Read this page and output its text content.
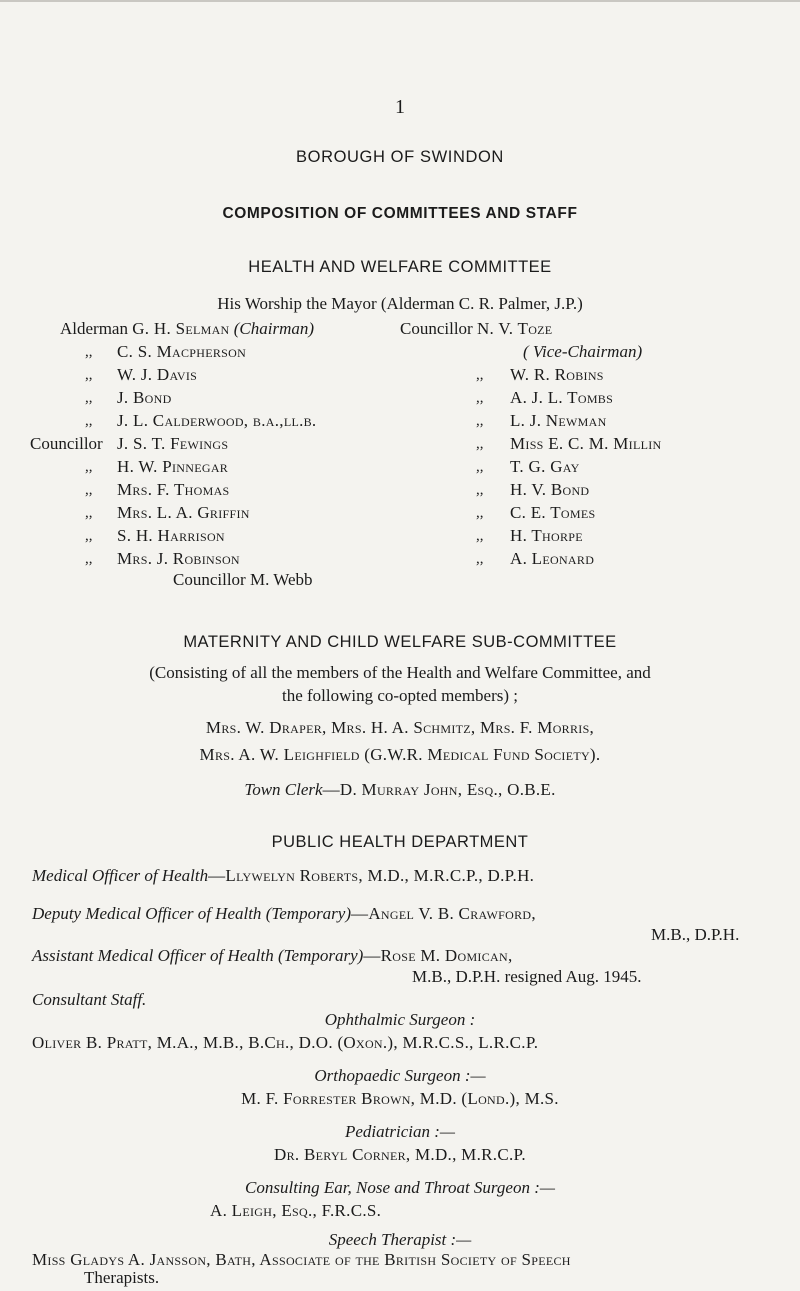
1
BOROUGH OF SWINDON
COMPOSITION OF COMMITTEES AND STAFF
HEALTH AND WELFARE COMMITTEE
His Worship the Mayor (Alderman C. R. Palmer, J.P.)
Alderman G. H. Selman (Chairman)
,, C. S. Macpherson
,, W. J. Davis
,, J. Bond
,, J. L. Calderwood, b.a.,ll.b.
Councillor J. S. T. Fewings
,, H. W. Pinnegar
,, Mrs. F. Thomas
,, Mrs. L. A. Griffin
,, S. H. Harrison
,, Mrs. J. Robinson
Councillor N. V. Toze
( Vice-Chairman)
,, W. R. Robins
,, A. J. L. Tombs
,, L. J. Newman
,, Miss E. C. M. Millin
,, T. G. Gay
,, H. V. Bond
,, C. E. Tomes
,, H. Thorpe
,, A. Leonard
Councillor M. Webb
MATERNITY AND CHILD WELFARE SUB-COMMITTEE
(Consisting of all the members of the Health and Welfare Committee, and
the following co-opted members) ;
Mrs. W. Draper, Mrs. H. A. Schmitz, Mrs. F. Morris,
Mrs. A. W. Leighfield (G.W.R. Medical Fund Society).
Town Clerk—D. Murray John, Esq., O.B.E.
PUBLIC HEALTH DEPARTMENT
Medical Officer of Health—Llywelyn Roberts, M.D., M.R.C.P., D.P.H.
Deputy Medical Officer of Health (Temporary)—Angel V. B. Crawford,
M.B., D.P.H.
Assistant Medical Officer of Health (Temporary)—Rose M. Domican,
M.B., D.P.H. resigned Aug. 1945.
Consultant Staff.
Ophthalmic Surgeon :
Oliver B. Pratt, M.A., M.B., B.Ch., D.O. (Oxon.), M.R.C.S., L.R.C.P.
Orthopaedic Surgeon :—
M. F. Forrester Brown, M.D. (Lond.), M.S.
Pediatrician :—
Dr. Beryl Corner, M.D., M.R.C.P.
Consulting Ear, Nose and Throat Surgeon :—
A. Leigh, Esq., F.R.C.S.
Speech Therapist :—
Miss Gladys A. Jansson, Bath, Associate of the British Society of Speech
Therapists.
